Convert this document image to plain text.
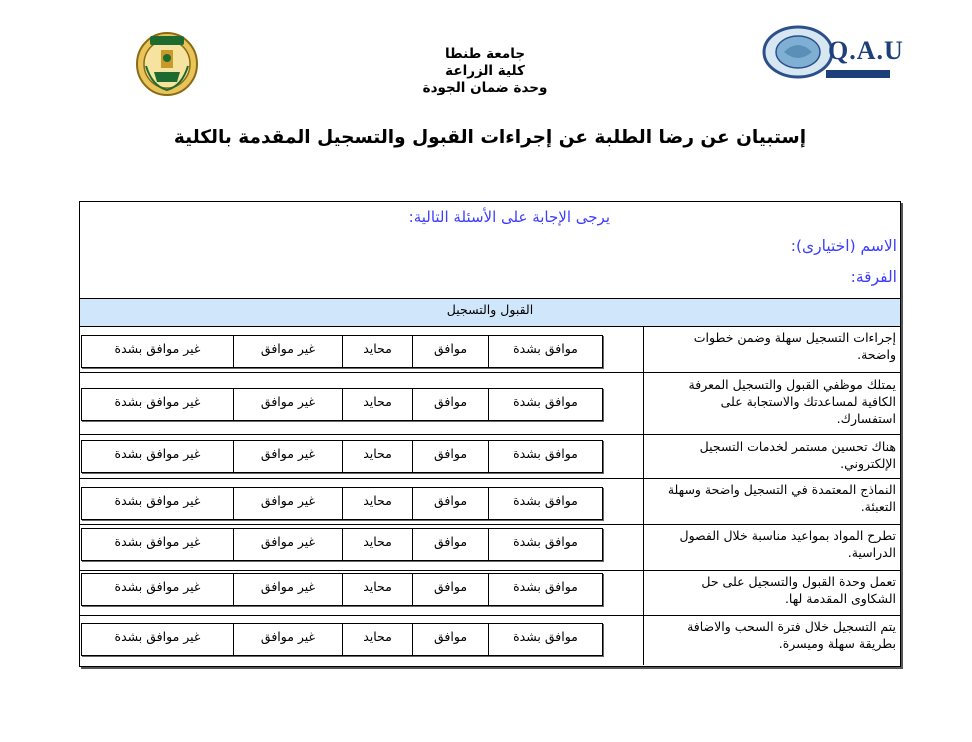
Q.A.U
جامعة طنطا
كلية الزراعة
وحدة ضمان الجودة
إستبيان عن رضا الطلبة عن إجراءات القبول والتسجيل المقدمة بالكلية
يرجى الإجابة على الأسئلة التالية:
الاسم (اختيارى):
الفرقة:
القبول والتسجيل
إجراءات التسجيل سهلة وضمن خطوات واضحة.
موافق بشدة
موافق
محايد
غير موافق
غير موافق بشدة
يمتلك موظفي القبول والتسجيل المعرفة الكافية لمساعدتك والاستجابة على استفسارك.
موافق بشدة
موافق
محايد
غير موافق
غير موافق بشدة
هناك تحسين مستمر لخدمات التسجيل الإلكتروني.
موافق بشدة
موافق
محايد
غير موافق
غير موافق بشدة
النماذج المعتمدة في التسجيل واضحة وسهلة التعبئة.
موافق بشدة
موافق
محايد
غير موافق
غير موافق بشدة
تطرح المواد بمواعيد مناسبة خلال الفصول الدراسية.
موافق بشدة
موافق
محايد
غير موافق
غير موافق بشدة
تعمل وحدة القبول والتسجيل على حل الشكاوى المقدمة لها.
موافق بشدة
موافق
محايد
غير موافق
غير موافق بشدة
يتم التسجيل خلال فترة السحب والاضافة بطريقة سهلة وميسرة.
موافق بشدة
موافق
محايد
غير موافق
غير موافق بشدة
